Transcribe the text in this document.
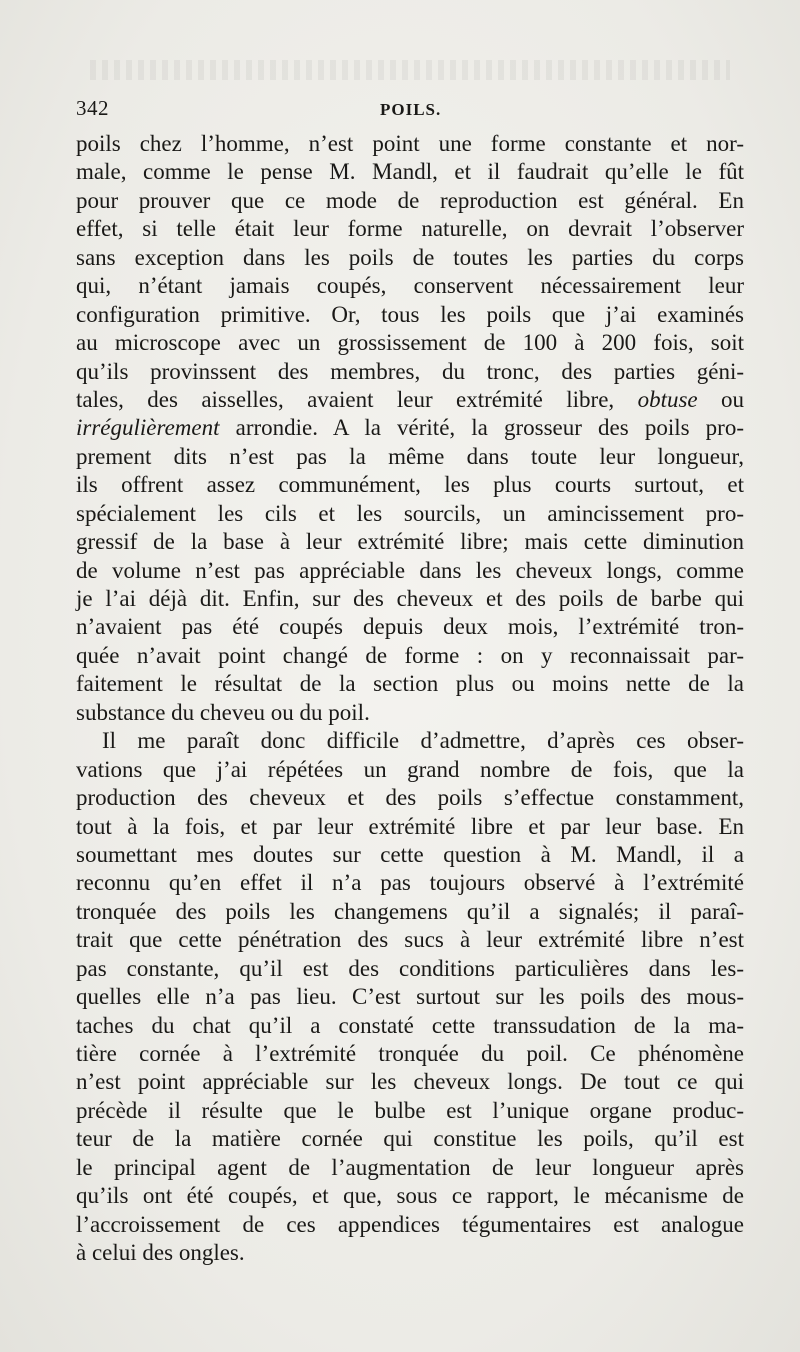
342	POILS.
poils chez l’homme, n’est point une forme constante et nor-
male, comme le pense M. Mandl, et il faudrait qu’elle le fût
pour prouver que ce mode de reproduction est général. En
effet, si telle était leur forme naturelle, on devrait l’observer
sans exception dans les poils de toutes les parties du corps
qui, n’étant jamais coupés, conservent nécessairement leur
configuration primitive. Or, tous les poils que j’ai examinés
au microscope avec un grossissement de 100 à 200 fois, soit
qu’ils provinssent des membres, du tronc, des parties géni-
tales, des aisselles, avaient leur extrémité libre, obtuse ou
irrégulièrement arrondie. A la vérité, la grosseur des poils pro-
prement dits n’est pas la même dans toute leur longueur,
ils offrent assez communément, les plus courts surtout, et
spécialement les cils et les sourcils, un amincissement pro-
gressif de la base à leur extrémité libre; mais cette diminution
de volume n’est pas appréciable dans les cheveux longs, comme
je l’ai déjà dit. Enfin, sur des cheveux et des poils de barbe qui
n’avaient pas été coupés depuis deux mois, l’extrémité tron-
quée n’avait point changé de forme : on y reconnaissait par-
faitement le résultat de la section plus ou moins nette de la
substance du cheveu ou du poil.
Il me paraît donc difficile d’admettre, d’après ces obser-
vations que j’ai répétées un grand nombre de fois, que la
production des cheveux et des poils s’effectue constamment,
tout à la fois, et par leur extrémité libre et par leur base. En
soumettant mes doutes sur cette question à M. Mandl, il a
reconnu qu’en effet il n’a pas toujours observé à l’extrémité
tronquée des poils les changemens qu’il a signalés; il paraî-
trait que cette pénétration des sucs à leur extrémité libre n’est
pas constante, qu’il est des conditions particulières dans les-
quelles elle n’a pas lieu. C’est surtout sur les poils des mous-
taches du chat qu’il a constaté cette transsudation de la ma-
tière cornée à l’extrémité tronquée du poil. Ce phénomène
n’est point appréciable sur les cheveux longs. De tout ce qui
précède il résulte que le bulbe est l’unique organe produc-
teur de la matière cornée qui constitue les poils, qu’il est
le principal agent de l’augmentation de leur longueur après
qu’ils ont été coupés, et que, sous ce rapport, le mécanisme de
l’accroissement de ces appendices tégumentaires est analogue
à celui des ongles.
